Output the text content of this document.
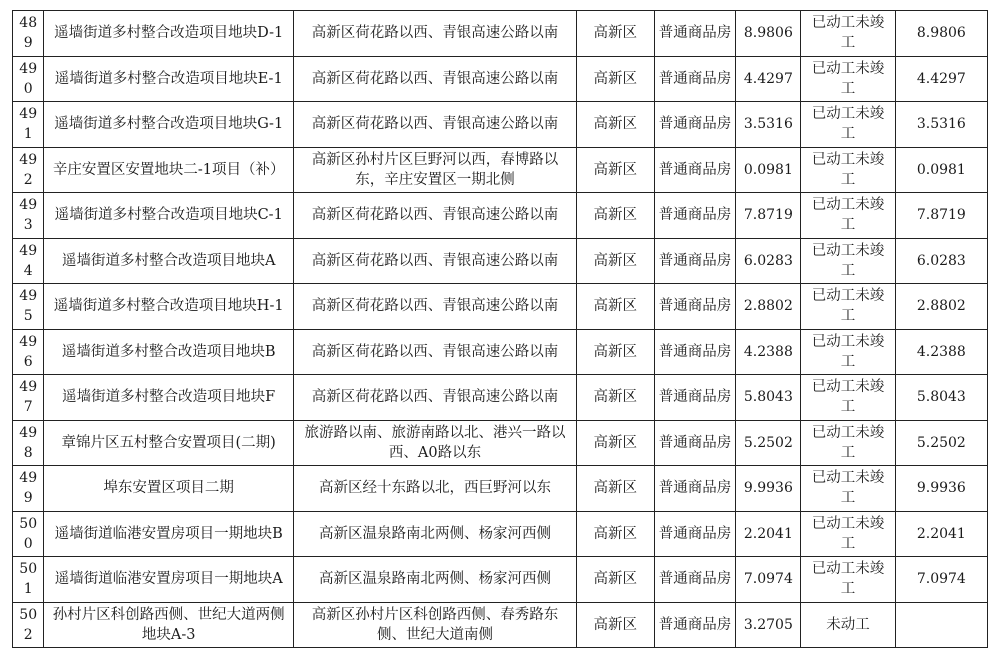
489	遥墙街道多村整合改造项目地块D-1	高新区荷花路以西、青银高速公路以南	高新区	普通商品房	8.9806	已动工未竣工	8.9806
490	遥墙街道多村整合改造项目地块E-1	高新区荷花路以西、青银高速公路以南	高新区	普通商品房	4.4297	已动工未竣工	4.4297
491	遥墙街道多村整合改造项目地块G-1	高新区荷花路以西、青银高速公路以南	高新区	普通商品房	3.5316	已动工未竣工	3.5316
492	辛庄安置区安置地块二-1项目（补）	高新区孙村片区巨野河以西，春博路以东，辛庄安置区一期北侧	高新区	普通商品房	0.0981	已动工未竣工	0.0981
493	遥墙街道多村整合改造项目地块C-1	高新区荷花路以西、青银高速公路以南	高新区	普通商品房	7.8719	已动工未竣工	7.8719
494	遥墙街道多村整合改造项目地块A	高新区荷花路以西、青银高速公路以南	高新区	普通商品房	6.0283	已动工未竣工	6.0283
495	遥墙街道多村整合改造项目地块H-1	高新区荷花路以西、青银高速公路以南	高新区	普通商品房	2.8802	已动工未竣工	2.8802
496	遥墙街道多村整合改造项目地块B	高新区荷花路以西、青银高速公路以南	高新区	普通商品房	4.2388	已动工未竣工	4.2388
497	遥墙街道多村整合改造项目地块F	高新区荷花路以西、青银高速公路以南	高新区	普通商品房	5.8043	已动工未竣工	5.8043
498	章锦片区五村整合安置项目(二期)	旅游路以南、旅游南路以北、港兴一路以西、A0路以东	高新区	普通商品房	5.2502	已动工未竣工	5.2502
499	埠东安置区项目二期	高新区经十东路以北，西巨野河以东	高新区	普通商品房	9.9936	已动工未竣工	9.9936
500	遥墙街道临港安置房项目一期地块B	高新区温泉路南北两侧、杨家河西侧	高新区	普通商品房	2.2041	已动工未竣工	2.2041
501	遥墙街道临港安置房项目一期地块A	高新区温泉路南北两侧、杨家河西侧	高新区	普通商品房	7.0974	已动工未竣工	7.0974
502	孙村片区科创路西侧、世纪大道两侧地块A-3	高新区孙村片区科创路西侧、春秀路东侧、世纪大道南侧	高新区	普通商品房	3.2705	未动工	
